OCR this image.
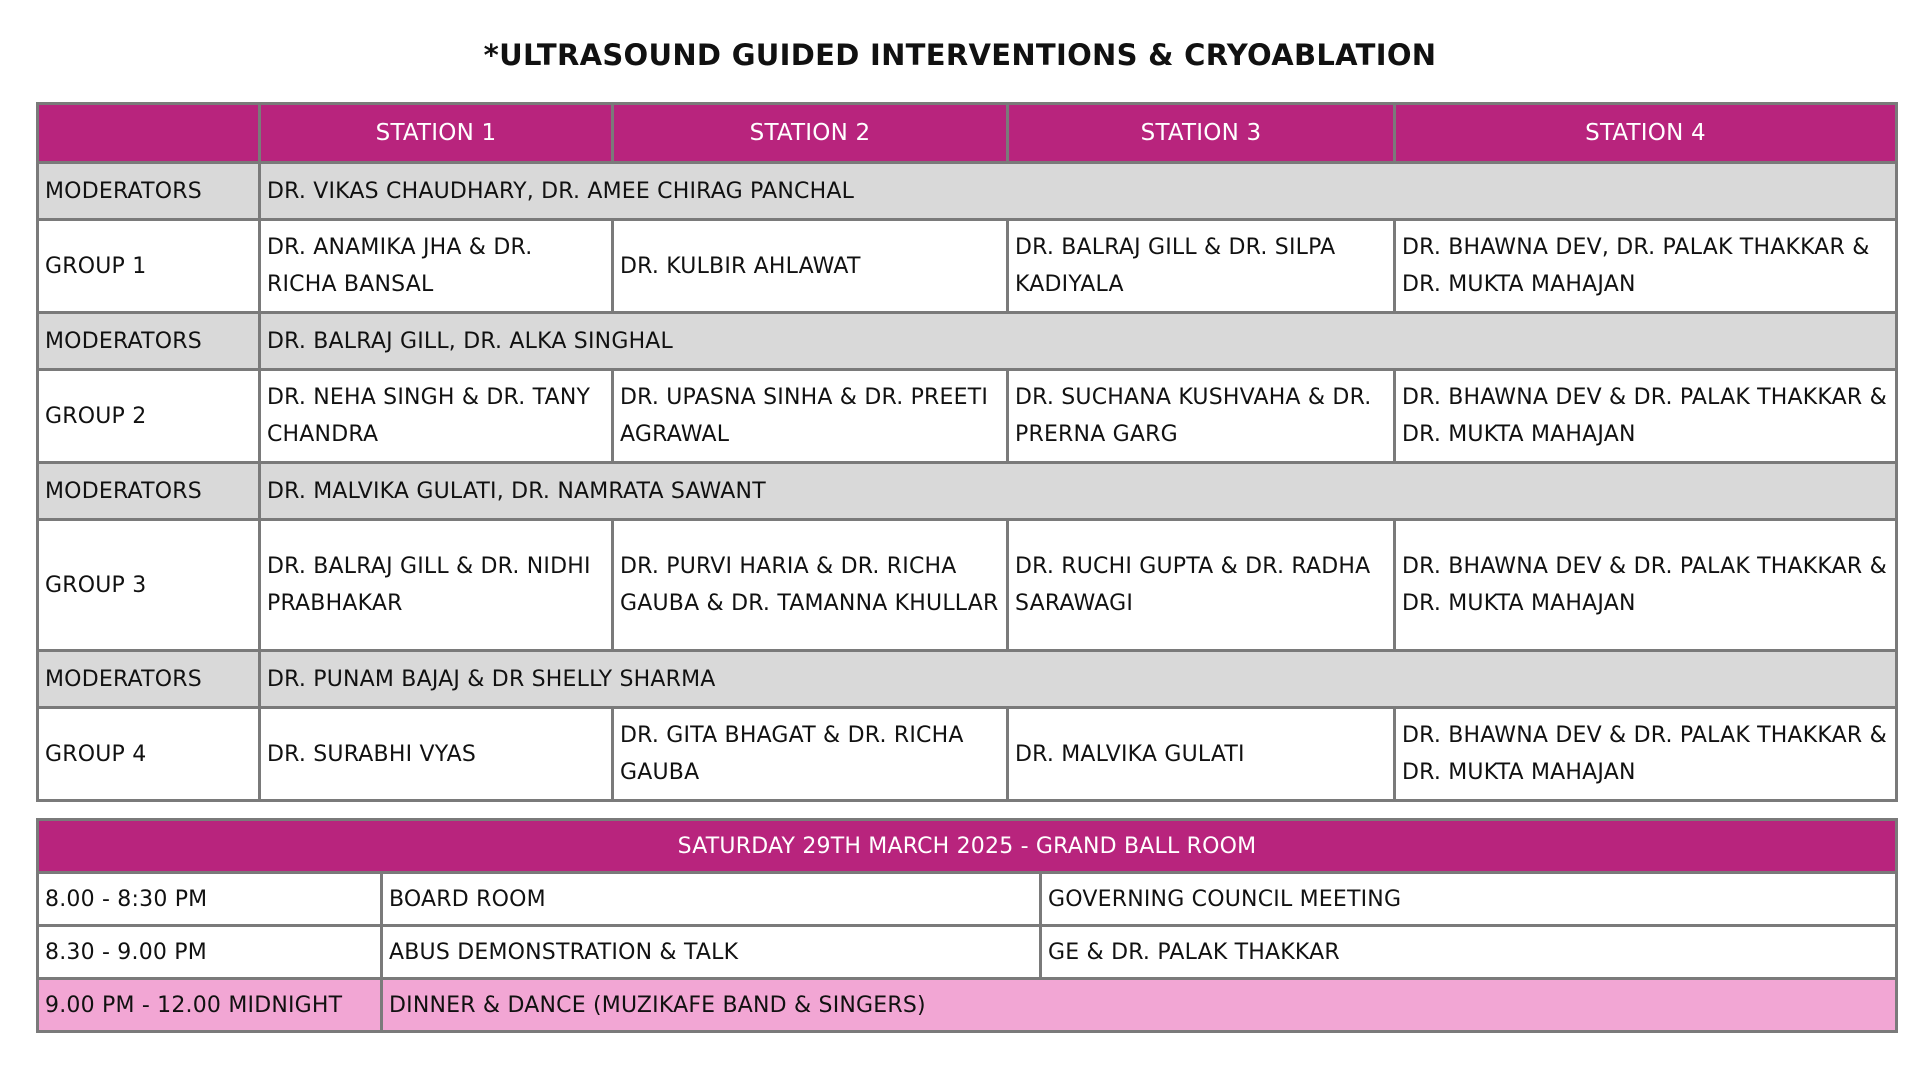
*ULTRASOUND GUIDED INTERVENTIONS & CRYOABLATION
	STATION 1	STATION 2	STATION 3	STATION 4
MODERATORS	DR. VIKAS CHAUDHARY, DR. AMEE CHIRAG PANCHAL			
GROUP 1	DR. ANAMIKA JHA & DR. RICHA BANSAL	DR. KULBIR AHLAWAT	DR. BALRAJ GILL & DR. SILPA KADIYALA	DR. BHAWNA DEV, DR. PALAK THAKKAR & DR. MUKTA MAHAJAN
MODERATORS	DR. BALRAJ GILL, DR. ALKA SINGHAL			
GROUP 2	DR. NEHA SINGH & DR. TANY CHANDRA	DR. UPASNA SINHA & DR. PREETI AGRAWAL	DR. SUCHANA KUSHVAHA & DR. PRERNA GARG	DR. BHAWNA DEV & DR. PALAK THAKKAR & DR. MUKTA MAHAJAN
MODERATORS	DR. MALVIKA GULATI, DR. NAMRATA SAWANT			
GROUP 3	DR. BALRAJ GILL & DR. NIDHI PRABHAKAR	DR. PURVI HARIA & DR. RICHA GAUBA & DR. TAMANNA KHULLAR	DR. RUCHI GUPTA & DR. RADHA SARAWAGI	DR. BHAWNA DEV & DR. PALAK THAKKAR & DR. MUKTA MAHAJAN
MODERATORS	DR. PUNAM BAJAJ & DR SHELLY SHARMA			
GROUP 4	DR. SURABHI VYAS	DR. GITA BHAGAT & DR. RICHA GAUBA	DR. MALVIKA GULATI	DR. BHAWNA DEV & DR. PALAK THAKKAR & DR. MUKTA MAHAJAN
SATURDAY 29TH MARCH 2025 - GRAND BALL ROOM		
8.00 - 8:30 PM	BOARD ROOM	GOVERNING COUNCIL MEETING
8.30 - 9.00 PM	ABUS DEMONSTRATION & TALK	GE & DR. PALAK THAKKAR
9.00 PM - 12.00 MIDNIGHT	DINNER & DANCE (MUZIKAFE BAND & SINGERS)	
